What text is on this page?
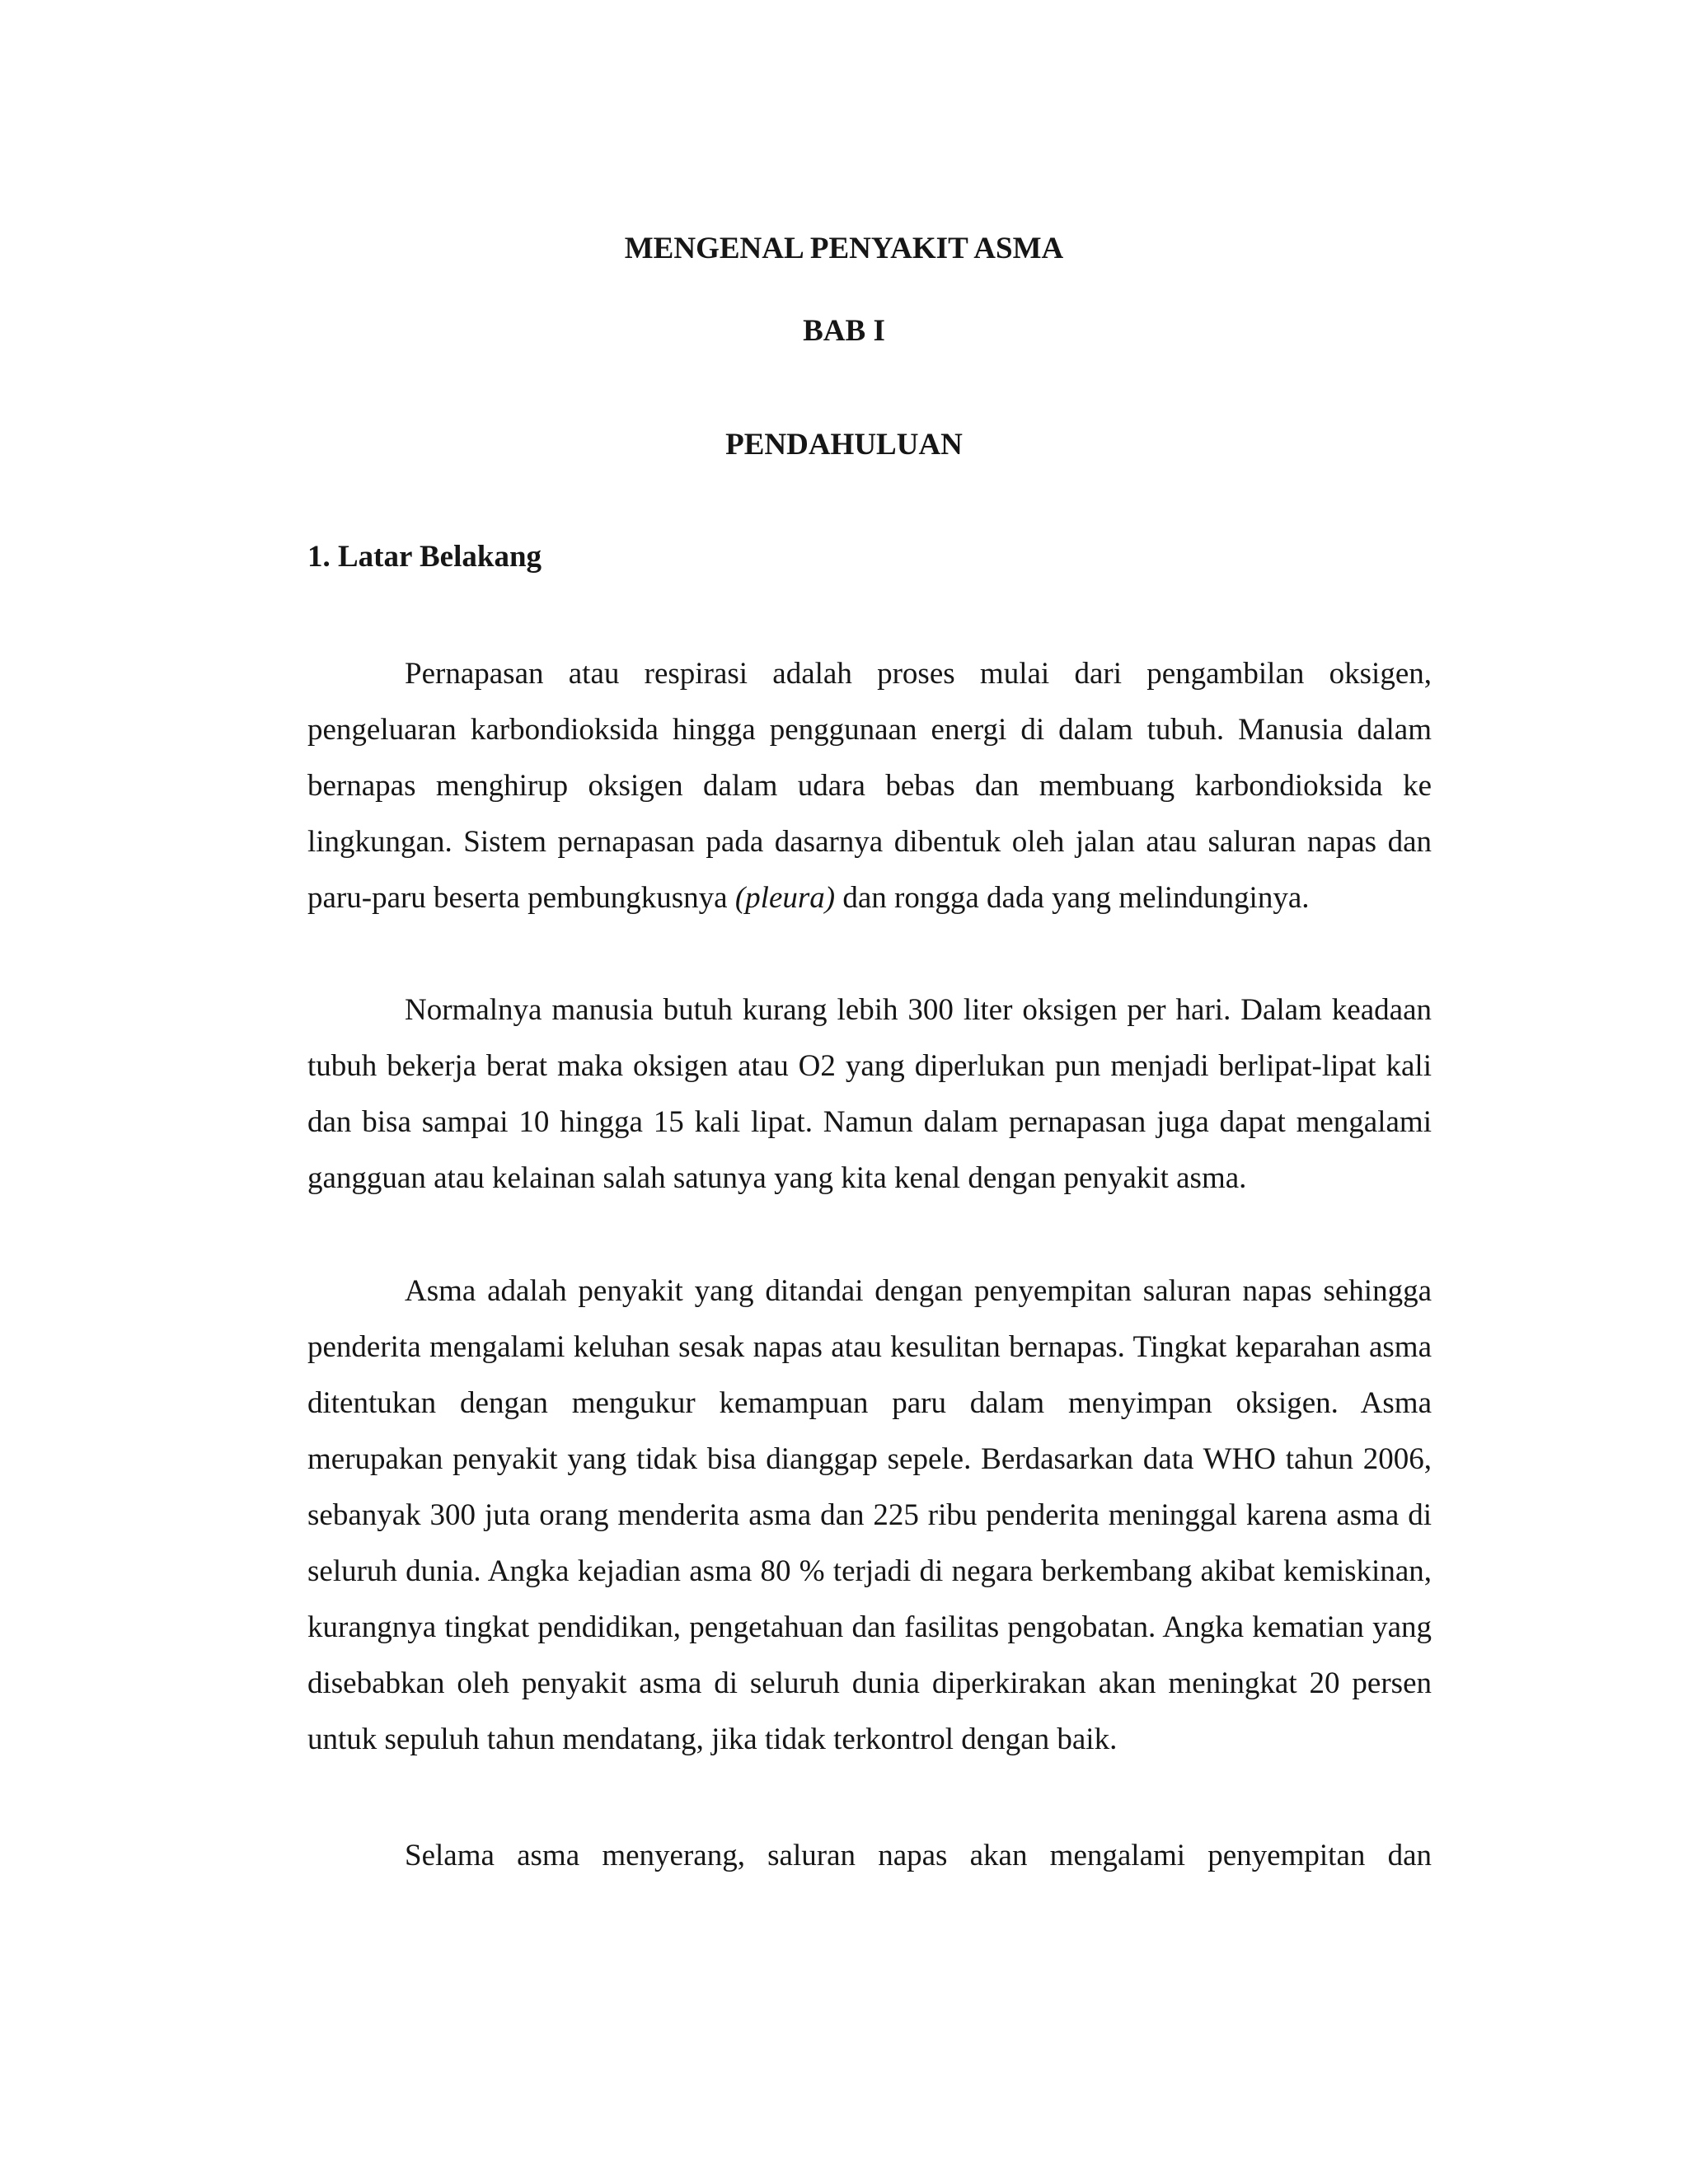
MENGENAL PENYAKIT ASMA
BAB I
PENDAHULUAN
1. Latar Belakang

Pernapasan atau respirasi adalah proses mulai dari pengambilan oksigen, pengeluaran karbondioksida hingga penggunaan energi di dalam tubuh. Manusia dalam bernapas menghirup oksigen dalam udara bebas dan membuang karbondioksida ke lingkungan. Sistem pernapasan pada dasarnya dibentuk oleh jalan atau saluran napas dan paru-paru beserta pembungkusnya (pleura) dan rongga dada yang melindunginya.

Normalnya manusia butuh kurang lebih 300 liter oksigen per hari. Dalam keadaan tubuh bekerja berat maka oksigen atau O2 yang diperlukan pun menjadi berlipat-lipat kali dan bisa sampai 10 hingga 15 kali lipat. Namun dalam pernapasan juga dapat mengalami gangguan atau kelainan salah satunya yang kita kenal dengan penyakit asma.

Asma adalah penyakit yang ditandai dengan penyempitan saluran napas sehingga penderita mengalami keluhan sesak napas atau kesulitan bernapas. Tingkat keparahan asma ditentukan dengan mengukur kemampuan paru dalam menyimpan oksigen. Asma merupakan penyakit yang tidak bisa dianggap sepele. Berdasarkan data WHO tahun 2006, sebanyak 300 juta orang menderita asma dan 225 ribu penderita meninggal karena asma di seluruh dunia. Angka kejadian asma 80 % terjadi di negara berkembang akibat kemiskinan, kurangnya tingkat pendidikan, pengetahuan dan fasilitas pengobatan. Angka kematian yang disebabkan oleh penyakit asma di seluruh dunia diperkirakan akan meningkat 20 persen untuk sepuluh tahun mendatang, jika tidak terkontrol dengan baik.

Selama asma menyerang, saluran napas akan mengalami penyempitan dan
